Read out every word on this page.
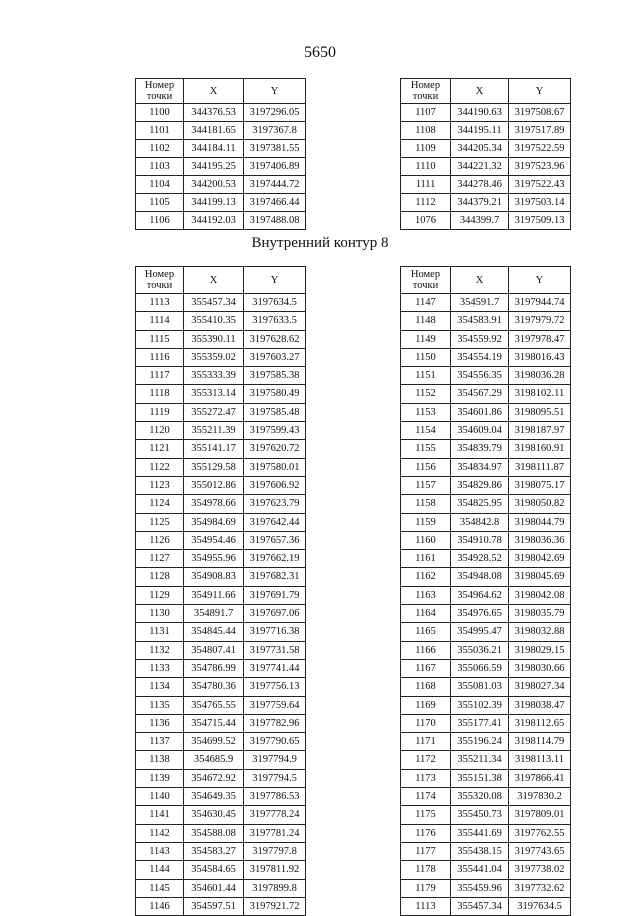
5650
Внутренний контур 8
Номер
точки	X	Y
1100	344376.53	3197296.05
1101	344181.65	3197367.8
1102	344184.11	3197381.55
1103	344195.25	3197406.89
1104	344200.53	3197444.72
1105	344199.13	3197466.44
1106	344192.03	3197488.08
Номер
точки	X	Y
1107	344190.63	3197508.67
1108	344195.11	3197517.89
1109	344205.34	3197522.59
1110	344221.32	3197523.96
1111	344278.46	3197522.43
1112	344379.21	3197503.14
1076	344399.7	3197509.13
Номер
точки	X	Y
1113	355457.34	3197634.5
1114	355410.35	3197633.5
1115	355390.11	3197628.62
1116	355359.02	3197603.27
1117	355333.39	3197585.38
1118	355313.14	3197580.49
1119	355272.47	3197585.48
1120	355211.39	3197599.43
1121	355141.17	3197620.72
1122	355129.58	3197580.01
1123	355012.86	3197606.92
1124	354978.66	3197623.79
1125	354984.69	3197642.44
1126	354954.46	3197657.36
1127	354955.96	3197662.19
1128	354908.83	3197682.31
1129	354911.66	3197691.79
1130	354891.7	3197697.06
1131	354845.44	3197716.38
1132	354807.41	3197731.58
1133	354786.99	3197741.44
1134	354780.36	3197756.13
1135	354765.55	3197759.64
1136	354715.44	3197782.96
1137	354699.52	3197790.65
1138	354685.9	3197794.9
1139	354672.92	3197794.5
1140	354649.35	3197786.53
1141	354630.45	3197778.24
1142	354588.08	3197781.24
1143	354583.27	3197797.8
1144	354584.65	3197811.92
1145	354601.44	3197899.8
1146	354597.51	3197921.72
Номер
точки	X	Y
1147	354591.7	3197944.74
1148	354583.91	3197979.72
1149	354559.92	3197978.47
1150	354554.19	3198016.43
1151	354556.35	3198036.28
1152	354567.29	3198102.11
1153	354601.86	3198095.51
1154	354609.04	3198187.97
1155	354839.79	3198160.91
1156	354834.97	3198111.87
1157	354829.86	3198075.17
1158	354825.95	3198050.82
1159	354842.8	3198044.79
1160	354910.78	3198036.36
1161	354928.52	3198042.69
1162	354948.08	3198045.69
1163	354964.62	3198042.08
1164	354976.65	3198035.79
1165	354995.47	3198032.88
1166	355036.21	3198029.15
1167	355066.59	3198030.66
1168	355081.03	3198027.34
1169	355102.39	3198038.47
1170	355177.41	3198112.65
1171	355196.24	3198114.79
1172	355211.34	3198113.11
1173	355151.38	3197866.41
1174	355320.08	3197830.2
1175	355450.73	3197809.01
1176	355441.69	3197762.55
1177	355438.15	3197743.65
1178	355441.04	3197738.02
1179	355459.96	3197732.62
1113	355457.34	3197634.5
